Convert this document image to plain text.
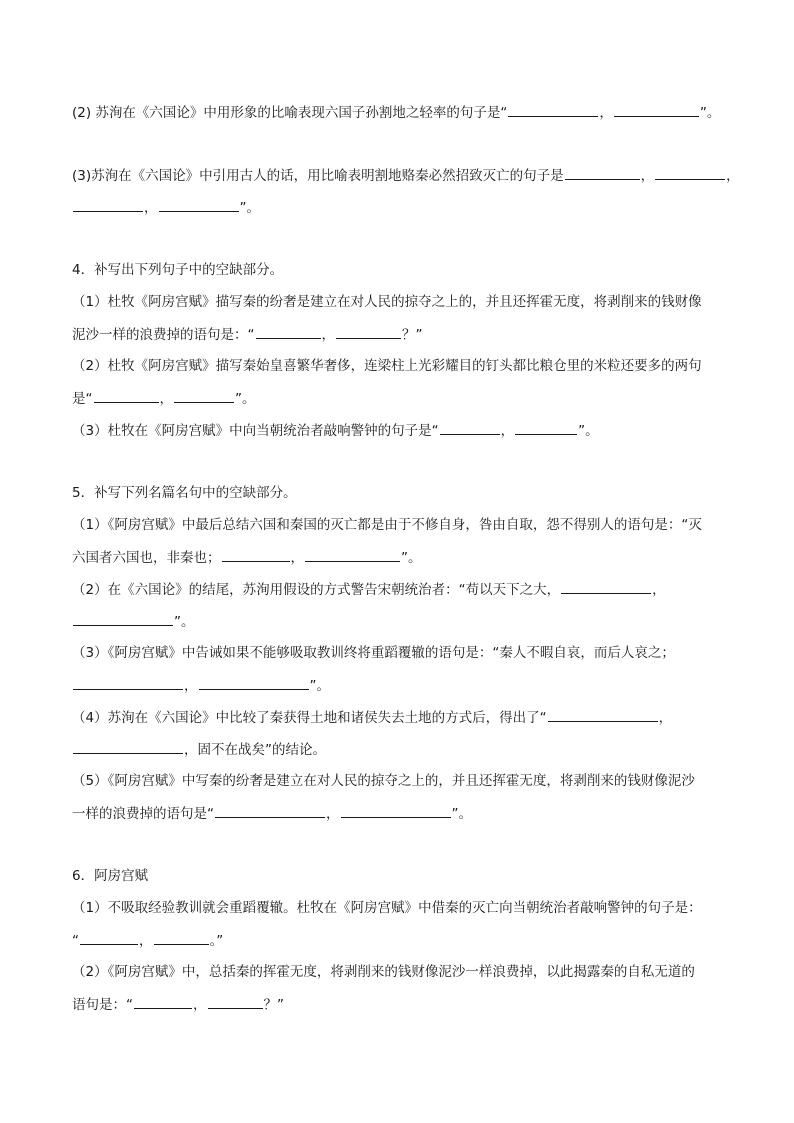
(2) 苏洵在《六国论》中用形象的比喻表现六国子孙割地之轻率的句子是“	，	”。
(3)苏洵在《六国论》中引用古人的话，用比喻表明割地赂秦必然招致灭亡的句子是	，	，
，	”。
4．补写出下列句子中的空缺部分。
（1）杜牧《阿房宫赋》描写秦的纷奢是建立在对人民的掠夺之上的，并且还挥霍无度，将剥削来的钱财像
泥沙一样的浪费掉的语句是：“	，	？”
（2）杜牧《阿房宫赋》描写秦始皇喜繁华奢侈，连梁柱上光彩耀目的钉头都比粮仓里的米粒还要多的两句
是“	，	”。
（3）杜牧在《阿房宫赋》中向当朝统治者敲响警钟的句子是“	，	”。
5．补写下列名篇名句中的空缺部分。
（1）《阿房宫赋》中最后总结六国和秦国的灭亡都是由于不修自身，咎由自取，怨不得别人的语句是：“灭
六国者六国也，非秦也；	，	”。
（2）在《六国论》的结尾，苏洵用假设的方式警告宋朝统治者：“苟以天下之大，	，
”。
（3）《阿房宫赋》中告诫如果不能够吸取教训终将重蹈覆辙的语句是：“秦人不暇自哀，而后人哀之；
，	”。
（4）苏洵在《六国论》中比较了秦获得土地和诸侯失去土地的方式后，得出了“	，
，固不在战矣”的结论。
（5）《阿房宫赋》中写秦的纷奢是建立在对人民的掠夺之上的，并且还挥霍无度，将剥削来的钱财像泥沙
一样的浪费掉的语句是“	，	”。
6．阿房宫赋
（1）不吸取经验教训就会重蹈覆辙。杜牧在《阿房宫赋》中借秦的灭亡向当朝统治者敲响警钟的句子是：
“	，	。”
（2）《阿房宫赋》中，总括秦的挥霍无度，将剥削来的钱财像泥沙一样浪费掉，以此揭露秦的自私无道的
语句是：“	，	？”
